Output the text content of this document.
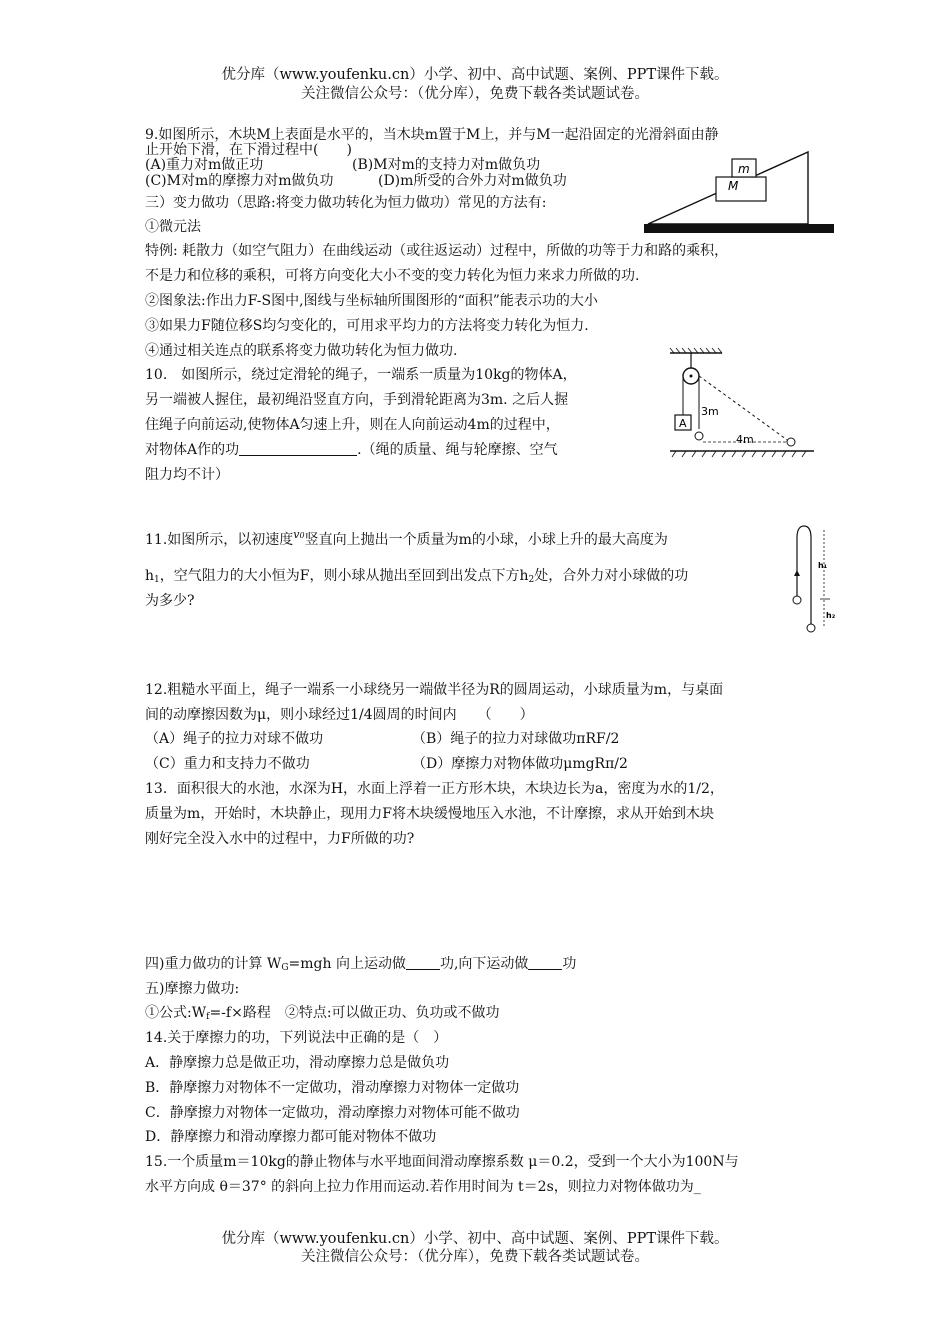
优分库（www.youfenku.cn）小学、初中、高中试题、案例、PPT课件下载。
关注微信公众号：（优分库），免费下载各类试题试卷。
9.如图所示，木块M上表面是水平的，当木块m置于M上，并与M一起沿固定的光滑斜面由静
止开始下滑，在下滑过程中(　　)
(A)重力对m做正功	(B)M对m的支持力对m做负功
(C)M对m的摩擦力对m做负功	(D)m所受的合外力对m做负功
m
M
三）变力做功（思路:将变力做功转化为恒力做功）常见的方法有:
①微元法
特例: 耗散力（如空气阻力）在曲线运动（或往返运动）过程中，所做的功等于力和路的乘积，
不是力和位移的乘积，可将方向变化大小不变的变力转化为恒力来求力所做的功.
②图象法:作出力F-S图中,图线与坐标轴所围图形的“面积”能表示功的大小
③如果力F随位移S均匀变化的，可用求平均力的方法将变力转化为恒力.
④通过相关连点的联系将变力做功转化为恒力做功.
10.　如图所示，绕过定滑轮的绳子，一端系一质量为10kg的物体A，
另一端被人握住，最初绳沿竖直方向，手到滑轮距离为3m. 之后人握
住绳子向前运动,使物体A匀速上升，则在人向前运动4m的过程中，
对物体A作的功	.（绳的质量、绳与轮摩擦、空气
阻力均不计）
A
3m
4m
11.如图所示，以初速度$^{v0}$竖直向上抛出一个质量为m的小球，小球上升的最大高度为
$h_1$，空气阻力的大小恒为F，则小球从抛出至回到出发点下方$h_2$处，合外力对小球做的功
为多少?
h₁
h₂
12.粗糙水平面上，绳子一端系一小球绕另一端做半径为R的圆周运动，小球质量为m，与桌面
间的动摩擦因数为μ，则小球经过1/4圆周的时间内　　（　　）
（A）绳子的拉力对球不做功	（B）绳子的拉力对球做功πRF/2
（C）重力和支持力不做功	（D）摩擦力对物体做功μmgRπ/2
13．面积很大的水池，水深为H，水面上浮着一正方形木块，木块边长为a，密度为水的1/2，
质量为m，开始时，木块静止，现用力F将木块缓慢地压入水池，不计摩擦，求从开始到木块
刚好完全没入水中的过程中，力F所做的功?
四)重力做功的计算 $W_G=mgh$ 向上运动做 功,向下运动做 功
五)摩擦力做功:
①公式$:W_f=-f\times$路程　②特点:可以做正功、负功或不做功
14.关于摩擦力的功，下列说法中正确的是（　）
A．静摩擦力总是做正功，滑动摩擦力总是做负功
B．静摩擦力对物体不一定做功，滑动摩擦力对物体一定做功
C．静摩擦力对物体一定做功，滑动摩擦力对物体可能不做功
D．静摩擦力和滑动摩擦力都可能对物体不做功
15.一个质量m＝10kg的静止物体与水平地面间滑动摩擦系数 μ＝0.2，受到一个大小为100N与
水平方向成 θ＝37° 的斜向上拉力作用而运动.若作用时间为 t＝2s，则拉力对物体做功为_
优分库（www.youfenku.cn）小学、初中、高中试题、案例、PPT课件下载。
关注微信公众号：（优分库），免费下载各类试题试卷。
